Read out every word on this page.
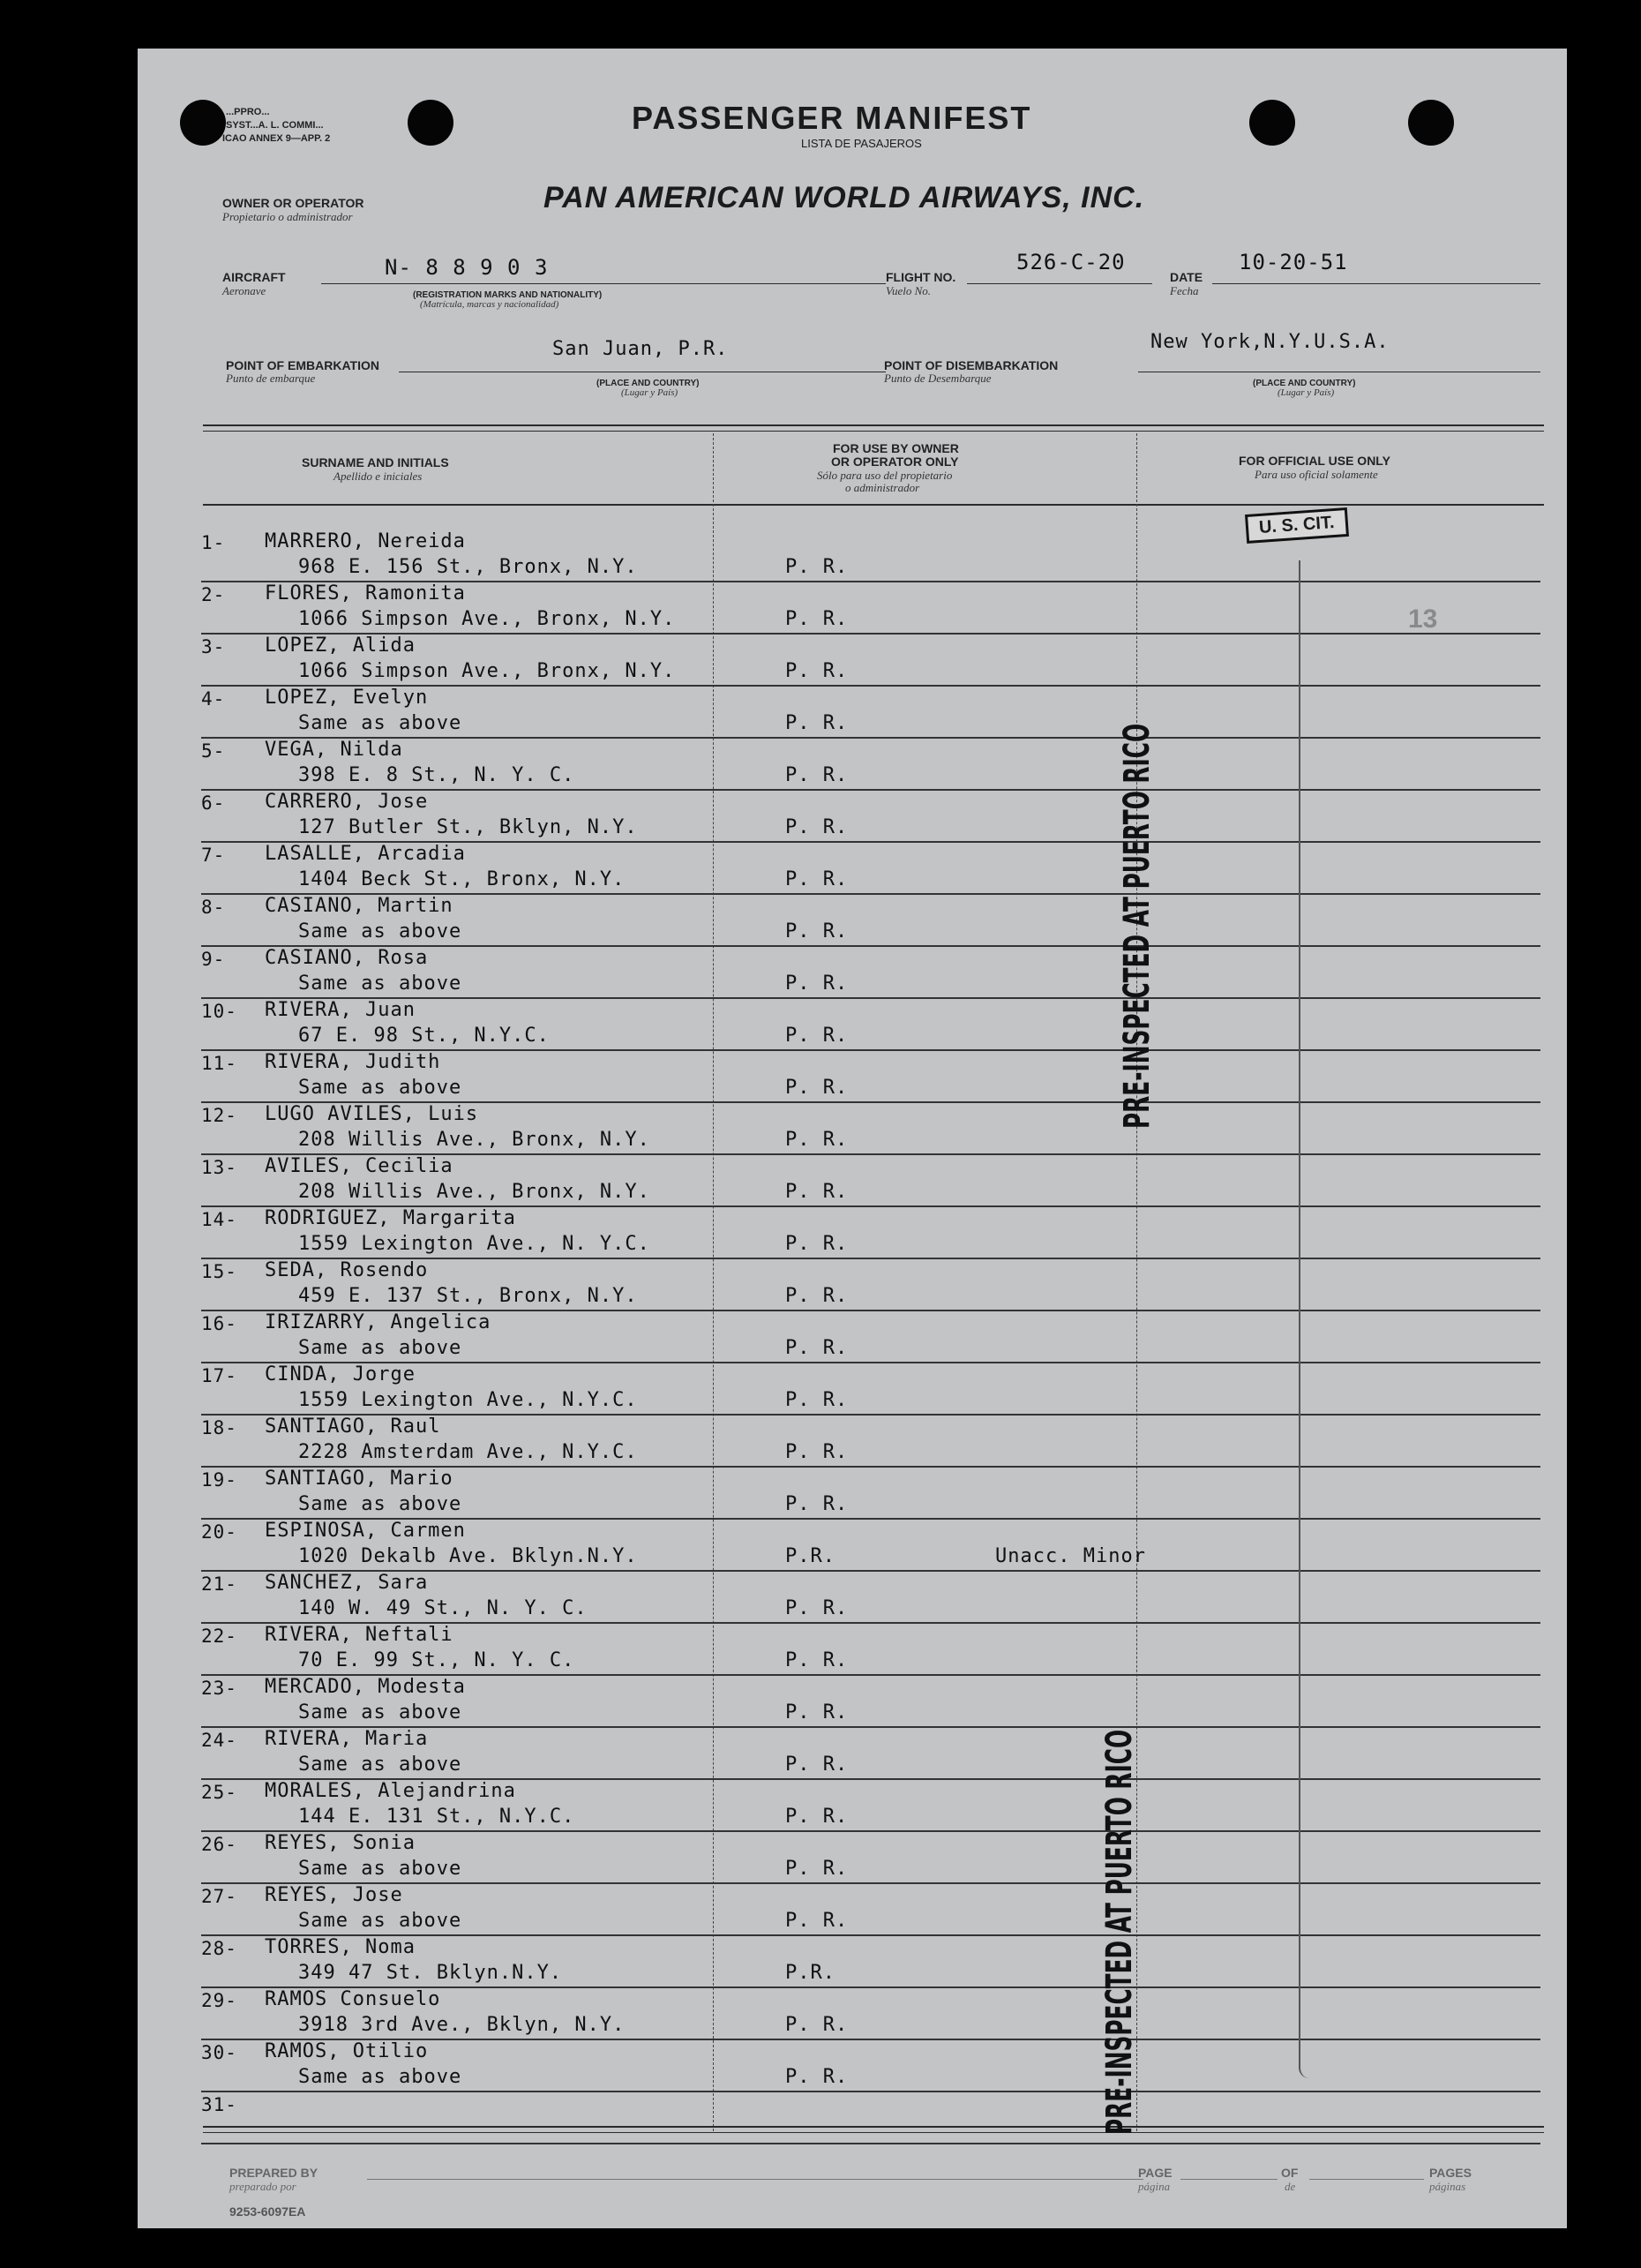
...PPRO...
SYST...A. L. COMMI...
ICAO ANNEX 9—APP. 2
PASSENGER MANIFEST
LISTA DE PASAJEROS
OWNER OR OPERATOR
Propietario o administrador
PAN AMERICAN WORLD AIRWAYS, INC.
AIRCRAFT
Aeronave
N- 8 8 9 0 3
(REGISTRATION MARKS AND NATIONALITY)
(Matrícula, marcas y nacionalidad)
FLIGHT NO.
Vuelo No.
526-C-20
DATE
Fecha
10-20-51
POINT OF EMBARKATION
Punto de embarque
San Juan, P.R.
(PLACE AND COUNTRY)
(Lugar y País)
POINT OF DISEMBARKATION
Punto de Desembarque
New York,N.Y.U.S.A.
(PLACE AND COUNTRY)
(Lugar y País)
SURNAME AND INITIALS
Apellido e iniciales
FOR USE BY OWNER
OR OPERATOR ONLY
Sólo para uso del propietario
o administrador
FOR OFFICIAL USE ONLY
Para uso oficial solamente
1-	MARRERO, Nereida
968 E. 156 St., Bronx, N.Y.	P. R.
2-	FLORES, Ramonita
1066 Simpson Ave., Bronx, N.Y.	P. R.
3-	LOPEZ, Alida
1066 Simpson Ave., Bronx, N.Y.	P. R.
4-	LOPEZ, Evelyn
Same as above	P. R.
5-	VEGA, Nilda
398 E. 8 St., N. Y. C.	P. R.
6-	CARRERO, Jose
127 Butler St., Bklyn, N.Y.	P. R.
7-	LASALLE, Arcadia
1404 Beck St., Bronx, N.Y.	P. R.
8-	CASIANO, Martin
Same as above	P. R.
9-	CASIANO, Rosa
Same as above	P. R.
10-	RIVERA, Juan
67 E. 98 St., N.Y.C.	P. R.
11-	RIVERA, Judith
Same as above	P. R.
12-	LUGO AVILES, Luis
208 Willis Ave., Bronx, N.Y.	P. R.
13-	AVILES, Cecilia
208 Willis Ave., Bronx, N.Y.	P. R.
14-	RODRIGUEZ, Margarita
1559 Lexington Ave., N. Y.C.	P. R.
15-	SEDA, Rosendo
459 E. 137 St., Bronx, N.Y.	P. R.
16-	IRIZARRY, Angelica
Same as above	P. R.
17-	CINDA, Jorge
1559 Lexington Ave., N.Y.C.	P. R.
18-	SANTIAGO, Raul
2228 Amsterdam Ave., N.Y.C.	P. R.
19-	SANTIAGO, Mario
Same as above	P. R.
20-	ESPINOSA, Carmen
1020 Dekalb Ave. Bklyn.N.Y.	P.R.	Unacc. Minor
21-	SANCHEZ, Sara
140 W. 49 St., N. Y. C.	P. R.
22-	RIVERA, Neftali
70 E. 99 St., N. Y. C.	P. R.
23-	MERCADO, Modesta
Same as above	P. R.
24-	RIVERA, Maria
Same as above	P. R.
25-	MORALES, Alejandrina
144 E. 131 St., N.Y.C.	P. R.
26-	REYES, Sonia
Same as above	P. R.
27-	REYES, Jose
Same as above	P. R.
28-	TORRES, Noma
349 47 St. Bklyn.N.Y.	P.R.
29-	RAMOS Consuelo
3918 3rd Ave., Bklyn, N.Y.	P. R.
30-	RAMOS, Otilio
Same as above	P. R.
31-
U. S. CIT.
13
PRE-INSPECTED AT PUERTO RICO
PRE-INSPECTED AT PUERTO RICO
PREPARED BY
preparado por
PAGE
página
OF
de
PAGES
páginas
9253-6097EA
